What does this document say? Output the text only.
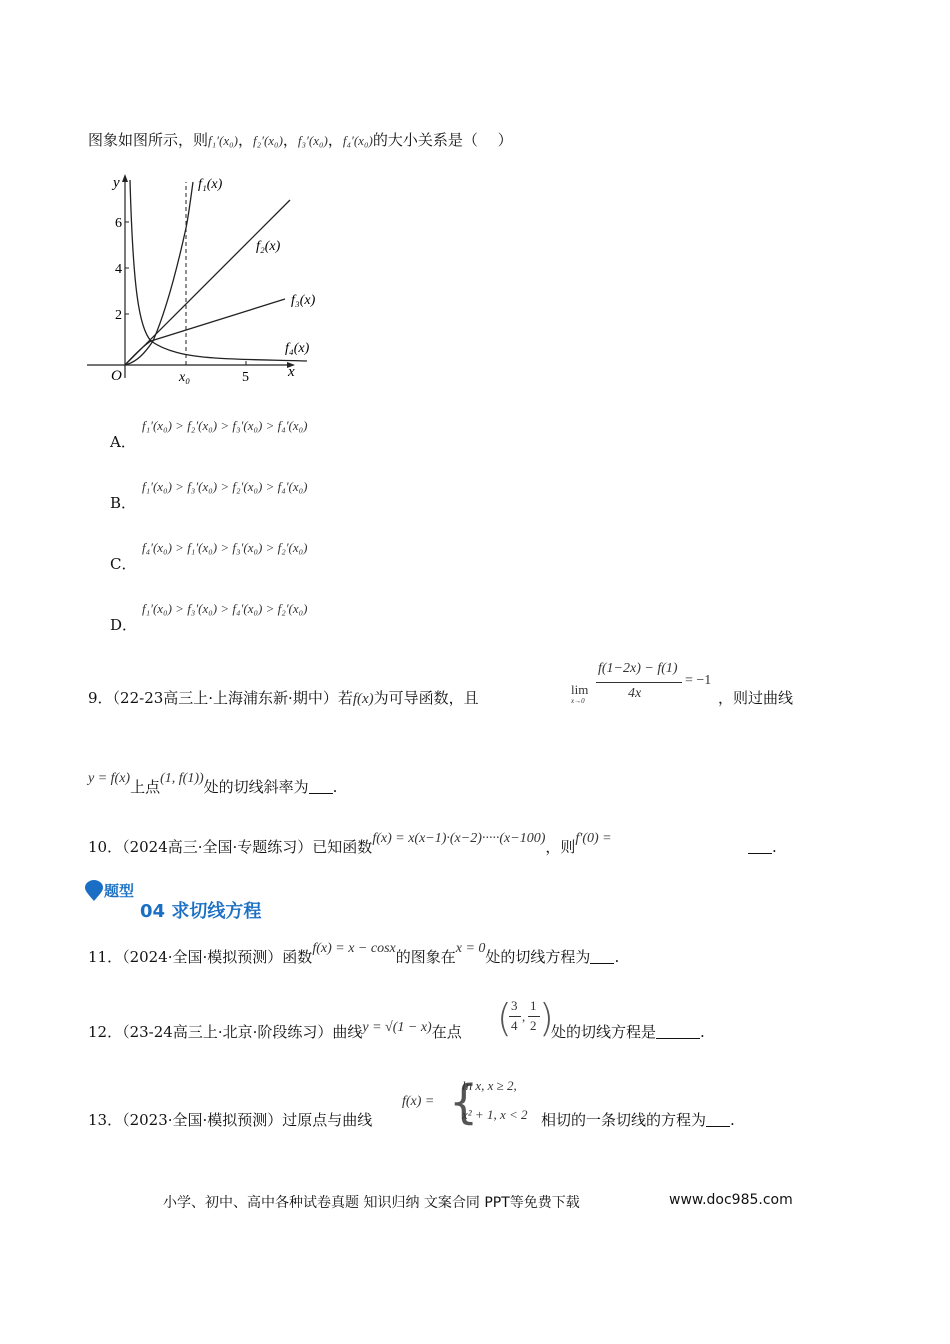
图象如图所示，则f₁′(x₀)，f₂′(x₀)，f₃′(x₀)，f₄′(x₀)的大小关系是（　 ）
y
x
O
2
4
6
x₀	5
f₁(x)
f₂(x)
f₃(x)
f₄(x)
A．
f₁′(x₀) > f₂′(x₀) > f₃′(x₀) > f₄′(x₀)
B．
f₁′(x₀) > f₃′(x₀) > f₂′(x₀) > f₄′(x₀)
C．
f₄′(x₀) > f₁′(x₀) > f₃′(x₀) > f₂′(x₀)
D．
f₁′(x₀) > f₃′(x₀) > f₄′(x₀) > f₂′(x₀)
9．（22-23高三上·上海浦东新·期中）若f(x)为可导函数，且	lim
x→0
f(1−2x) − f(1)
4x
= −1
，则过曲线
y = f(x)上点(1, f(1))处的切线斜率为 .
10．（2024高三·全国·专题练习）已知函数f(x) = x(x−1)·(x−2)·····(x−100)，则f′(0) =	.
题型
04 求切线方程
11．（2024·全国·模拟预测）函数f(x) = x − cosx的图象在x = 0处的切线方程为 .
12．（23-24高三上·北京·阶段练习）曲线y = √(1 − x)在点 ( 3
4
,
1
2 )
处的切线方程是	.
13．（2023·全国·模拟预测）过原点与曲线
f(x) = {
ln x, x ≥ 2,
x² + 1, x < 2 相切的一条切线的方程为 .
小学、初中、高中各种试卷真题 知识归纳 文案合同 PPT等免费下载	www.doc985.com
